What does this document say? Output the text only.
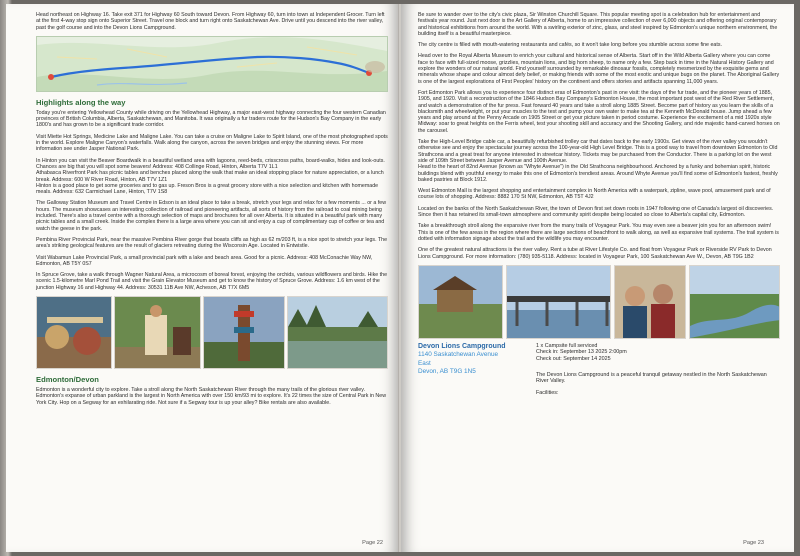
Head northeast on Highway 16. Take exit 371 for Highway 60 South toward Devon. From Highway 60, turn into town at Independent Grocer. Turn left at the first 4-way stop sign onto Superior Street. Travel one block and turn right onto Saskatchewan Ave. Drive until you descend into the river valley, past the golf course and into the Devon Lions Campground.

Highlights along the way

Today you're entering Yellowhead County while driving on the Yellowhead Highway, a major east-west highway connecting the four western Canadian provinces of British Columbia, Alberta, Saskatchewan, and Manitoba. It was originally a fur traders route for the Hudson's Bay Company in the early 1800's and has grown to be a significant trade corridor.

Visit Miette Hot Springs, Medicine Lake and Maligne Lake. You can take a cruise on Maligne Lake to Spirit Island, one of the most photographed spots in the world. Explore Maligne Canyon's waterfalls. Walk along the canyon, across the seven bridges and enjoy the stunning views. For more information see under Jasper National Park.

In Hinton you can visit the Beaver Boardwalk in a beautiful wetland area with lagoons, reed-beds, crisscross paths, board-walks, hides and look-outs. Chances are big that you will spot some beavers! Address: 408 Collinge Road, Hinton, Alberta T7V 1L1

Athabasca Riverfront Park has picnic tables and benches placed along the walk that make an ideal stopping place for nature appreciation, or a lunch break. Address: 600 W River Road, Hinton, AB T7V 1Z1

Hinton is a good place to get some groceries and to gas up. Freson Bros is a great grocery store with a nice selection and kitchen with homemade meals. Address: 632 Carmichael Lane, Hinton, T7V 1S8

The Galloway Station Museum and Travel Centre in Edson is an ideal place to take a break, stretch your legs and relax for a few moments ... or a few hours. The museum showcases an interesting collection of railroad and pioneering artifacts, all sorts of history from the railroad to coal mining being included. There's also a travel centre with a thorough selection of maps and brochures for all over Alberta. It is situated in a beautiful park with many picnic tables and a small creek. Inside the complex there is a large area where you can sit and enjoy a cup of complimentary cup of coffee or tea and watch the geese in the park.

Pembina River Provincial Park, near the massive Pembina River gorge that boasts cliffs as high as 62 m/203 ft, is a nice spot to stretch your legs. The area's striking geological features are the result of glaciers retreating during the Wisconsin Age. Located in Entwistle.

Visit Wabamun Lake Provincial Park, a small provincial park with a lake and beach area. Good for a picnic. Address: 408 McConachie Way NW, Edmonton, AB T5Y 0S7

In Spruce Grove, take a walk through Wagner Natural Area, a microcosm of boreal forest, enjoying the orchids, various wildflowers and birds. Hike the scenic 1.5-kilometre Marl Pond Trail and visit the Grain Elevator Museum and get to know the history of Spruce Grove. Address: 1.6 km west of the junction Highway 16 and Highway 44. Address: 30531 11B Ave NW, Acheson, AB T7X 6M5

Edmonton/Devon

Edmonton is a wonderful city to explore. Take a stroll along the North Saskatchewan River through the many trails of the glorious river valley. Edmonton's expanse of urban parkland is the largest in North America with over 150 km/93 mi to explore. It's 22 times the size of Central Park in New York City. Hop on a Segway for an exhilarating ride. Not sure if a Segway tour is up your alley? Bike rentals are also available.

Page 22

Be sure to wander over to the city's civic plaza, Sir Winston Churchill Square. This popular meeting spot is a celebration hub for entertainment and festivals year round. Just next door is the Art Gallery of Alberta, home to an impressive collection of over 6,000 objects and offering original contemporary and historical exhibitions from around the world. With a swirling exterior of zinc, glass, and steel inspired by Edmonton's unique northern environment, the building itself is a beautiful masterpiece.

The city centre is filled with mouth-watering restaurants and cafés, so it won't take long before you stumble across some fine eats.

Head over to the Royal Alberta Museum to enrich your cultural and historical sense of Alberta. Start off in the Wild Alberta Gallery where you can come face to face with full-sized moose, grizzlies, mountain lions, and big horn sheep, to name only a few. Step back in time in the Natural History Gallery and explore the wonders of our natural world. Find yourself surrounded by remarkable dinosaur fossils, completely mesmerized by the exquisite gems and minerals whose shape and colour almost defy belief, or making friends with some of the most exotic and unique bugs on the planet. The Aboriginal Gallery is one of the largest explorations of First Peoples' history on the continent and offers stories and artifacts spanning 11,000 years.

Fort Edmonton Park allows you to experience four distinct eras of Edmonton's past in one visit: the days of the fur trade, and the pioneer years of 1885, 1905, and 1920. Visit a reconstruction of the 1846 Hudson Bay Company's Edmonton House, the most important post west of the Red River Settlement, and watch a demonstration of the fur press. Fast forward 40 years and take a stroll along 1885 Street. Become part of history as you learn the skills of a blacksmith and wheelwright, or put your muscles to the test and pump your own water to make tea at the Kenneth McDonald house. Jump ahead a few years and play around at the Penny Arcade on 1905 Street or get your picture taken in period costume. Experience the excitement of a mid 1920s style Midway: soar to great heights on the Ferris wheel, test your shooting skill and accuracy and the Shooting Gallery, and ride majestic hand-carved horses on the carousel.

Take the High-Level Bridge cable car, a beautifully refurbished trolley car that dates back to the early 1900s. Get views of the river valley you wouldn't otherwise see and enjoy the spectacular journey across the 100-year-old High Level Bridge. This is a good way to travel from downtown Edmonton to Old Strathcona and a great treat for anyone interested in streetcar history. Tickets may be purchased from the Conductor. There is a parking lot on the west side of 109th Street between Jasper Avenue and 100th Avenue.

Head to the heart of 82nd Avenue (known as "Whyte Avenue") in the Old Strathcona neighbourhood. Anchored by a funky and bohemian spirit, historic buildings blend with youthful energy to make this one of Edmonton's trendiest areas. Around Whyte Avenue you'll find some of Edmonton's fastest, freshly baked pastries at Block 1912.

West Edmonton Mall is the largest shopping and entertainment complex in North America with a waterpark, zipline, wave pool, amusement park and of course lots of shopping. Address: 8882 170 St NW, Edmonton, AB T5T 4J2

Located on the banks of the North Saskatchewan River, the town of Devon first set down roots in 1947 following one of Canada's largest oil discoveries. Since then it has retained its small-town atmosphere and community spirit despite being located so close to Alberta's capital city, Edmonton.

Take a breakthrough stroll along the expansive river from the many trails of Voyageur Park. You may even see a beaver join you for an afternoon swim! This is one of the few areas in the region where there are large sections of beachfront to walk along, as well as expansive trail systems. The trail system is dotted with information signage about the trail and the wildlife you may encounter.

One of the greatest natural attractions is the river valley. Rent a tube at River Lifestyle Co. and float from Voyageur Park or Riverside RV Park to Devon Lions Campground. For more information: (780) 935-5118. Address: located in Voyageur Park, 100 Saskatchewan Ave W., Devon, AB T9G 1B2

Devon Lions Campground
1140 Saskatchewan Avenue
East
Devon, AB T9G 1N5

1 x Campsite full serviced

Check in: September 13 2025 2:00pm

Check out: September 14 2025

The Devon Lions Campground is a peaceful tranquil getaway nestled in the North Saskatchewan River Valley.

Facilities:

Page 23
